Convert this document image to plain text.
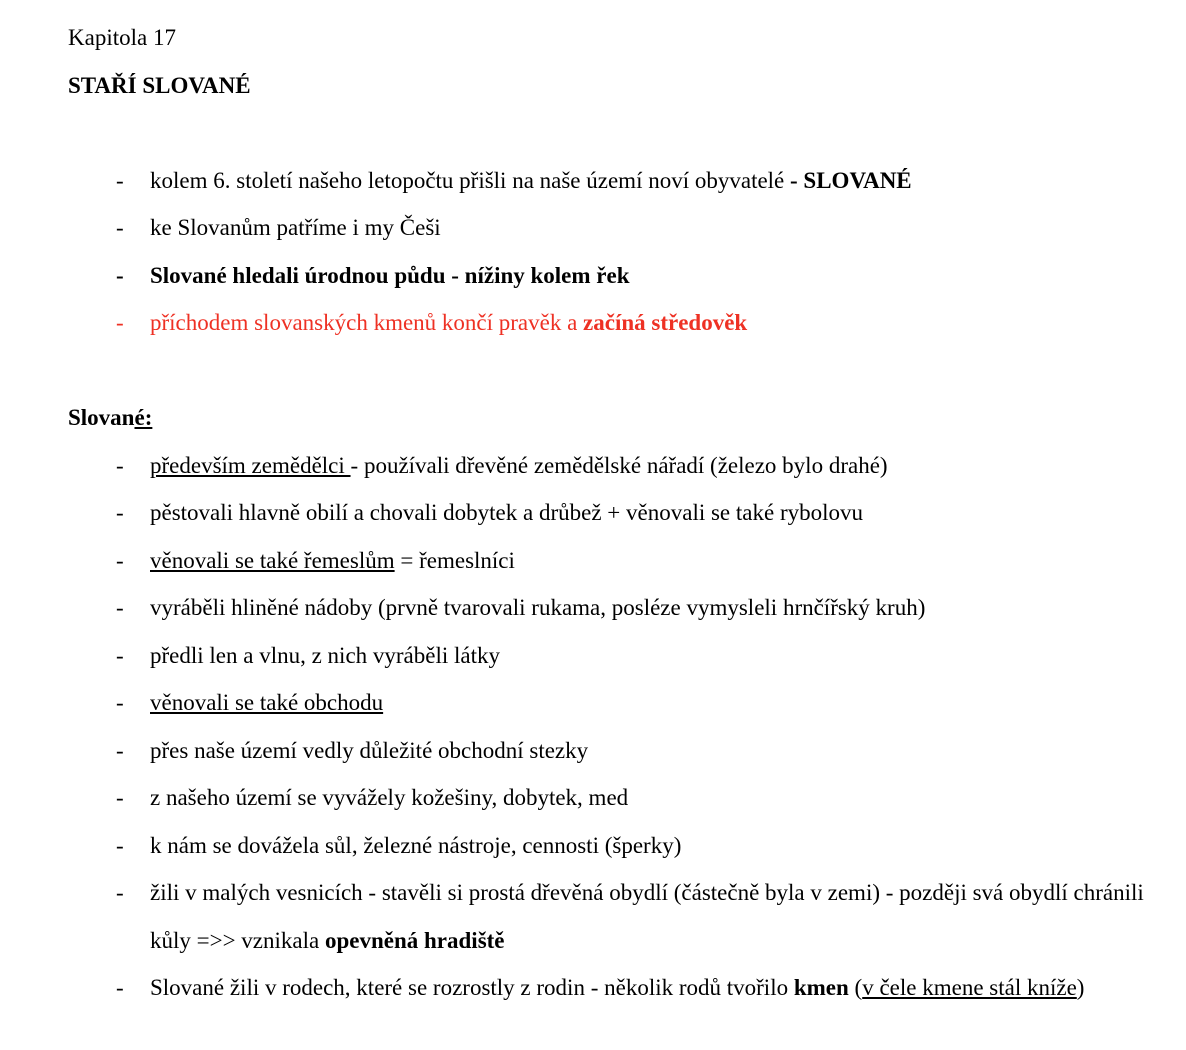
Kapitola 17

STAŘÍ SLOVANÉ

- kolem 6. století našeho letopočtu přišli na naše území noví obyvatelé - SLOVANÉ
- ke Slovanům patříme i my Češi
- Slované hledali úrodnou půdu - nížiny kolem řek
- příchodem slovanských kmenů končí pravěk a začíná středověk

Slované:

- především zemědělci - používali dřevěné zemědělské nářadí (železo bylo drahé)
- pěstovali hlavně obilí a chovali dobytek a drůbež + věnovali se také rybolovu
- věnovali se také řemeslům = řemeslníci
- vyráběli hliněné nádoby (prvně tvarovali rukama, posléze vymysleli hrnčířský kruh)
- předli len a vlnu, z nich vyráběli látky
- věnovali se také obchodu
- přes naše území vedly důležité obchodní stezky
- z našeho území se vyvážely kožešiny, dobytek, med
- k nám se dovážela sůl, železné nástroje, cennosti (šperky)
- žili v malých vesnicích - stavěli si prostá dřevěná obydlí (částečně byla v zemi) - později svá obydlí chránili kůly =>> vznikala opevněná hradiště
- Slované žili v rodech, které se rozrostly z rodin - několik rodů tvořilo kmen (v čele kmene stál kníže)
